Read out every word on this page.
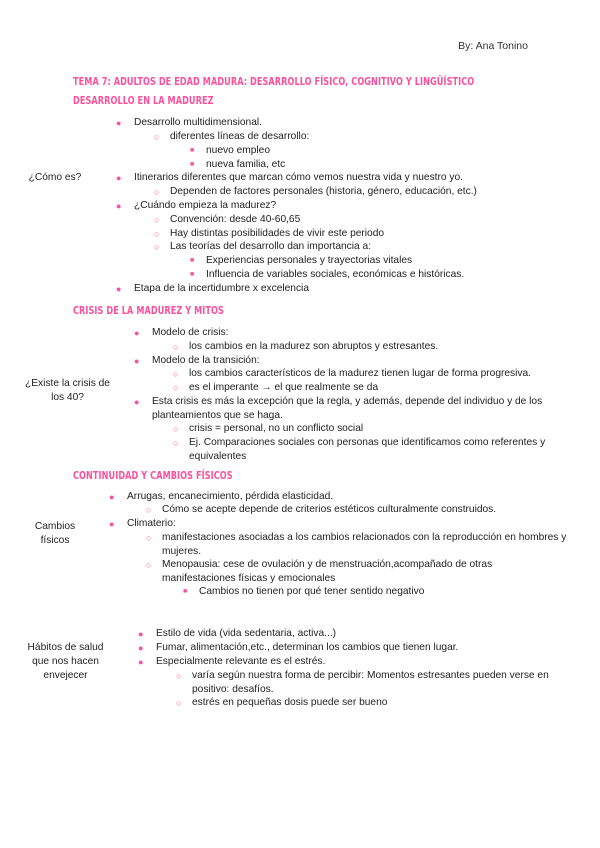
By: Ana Tonino
TEMA 7: ADULTOS DE EDAD MADURA: DESARROLLO FÍSICO, COGNITIVO Y LINGÜÍSTICO
DESARROLLO EN LA MADUREZ
¿Cómo es?
● Desarrollo multidimensional.
○ diferentes líneas de desarrollo:
■ nuevo empleo
■ nueva familia, etc
● Itinerarios diferentes que marcan cómo vemos nuestra vida y nuestro yo.
○ Dependen de factores personales (historia, género, educación, etc.)
● ¿Cuándo empieza la madurez?
○ Convención: desde 40-60,65
○ Hay distintas posibilidades de vivir este periodo
○ Las teorías del desarrollo dan importancia a:
■ Experiencias personales y trayectorias vitales
■ Influencia de variables sociales, económicas e históricas.
● Etapa de la incertidumbre x excelencia
CRISIS DE LA MADUREZ Y MITOS
¿Existe la crisis de los 40?
● Modelo de crisis:
○ los cambios en la madurez son abruptos y estresantes.
● Modelo de la transición:
○ los cambios característicos de la madurez tienen lugar de forma progresiva.
○ es el imperante → el que realmente se da
● Esta crisis es más la excepción que la regla, y además, depende del individuo y de los planteamientos que se haga.
○ crisis = personal, no un conflicto social
○ Ej. Comparaciones sociales con personas que identificamos como referentes y equivalentes
CONTINUIDAD Y CAMBIOS FÍSICOS
Cambios físicos
● Arrugas, encanecimiento, pérdida elasticidad.
○ Cómo se acepte depende de criterios estéticos culturalmente construidos.
● Climaterio:
○ manifestaciones asociadas a los cambios relacionados con la reproducción en hombres y mujeres.
○ Menopausia: cese de ovulación y de menstruación,acompañado de otras manifestaciones físicas y emocionales
■ Cambios no tienen por qué tener sentido negativo
Hábitos de salud que nos hacen envejecer
● Estilo de vida (vida sedentaria, activa...)
● Fumar, alimentación,etc., determinan los cambios que tienen lugar.
● Especialmente relevante es el estrés.
○ varía según nuestra forma de percibir: Momentos estresantes pueden verse en positivo: desafíos.
○ estrés en pequeñas dosis puede ser bueno
